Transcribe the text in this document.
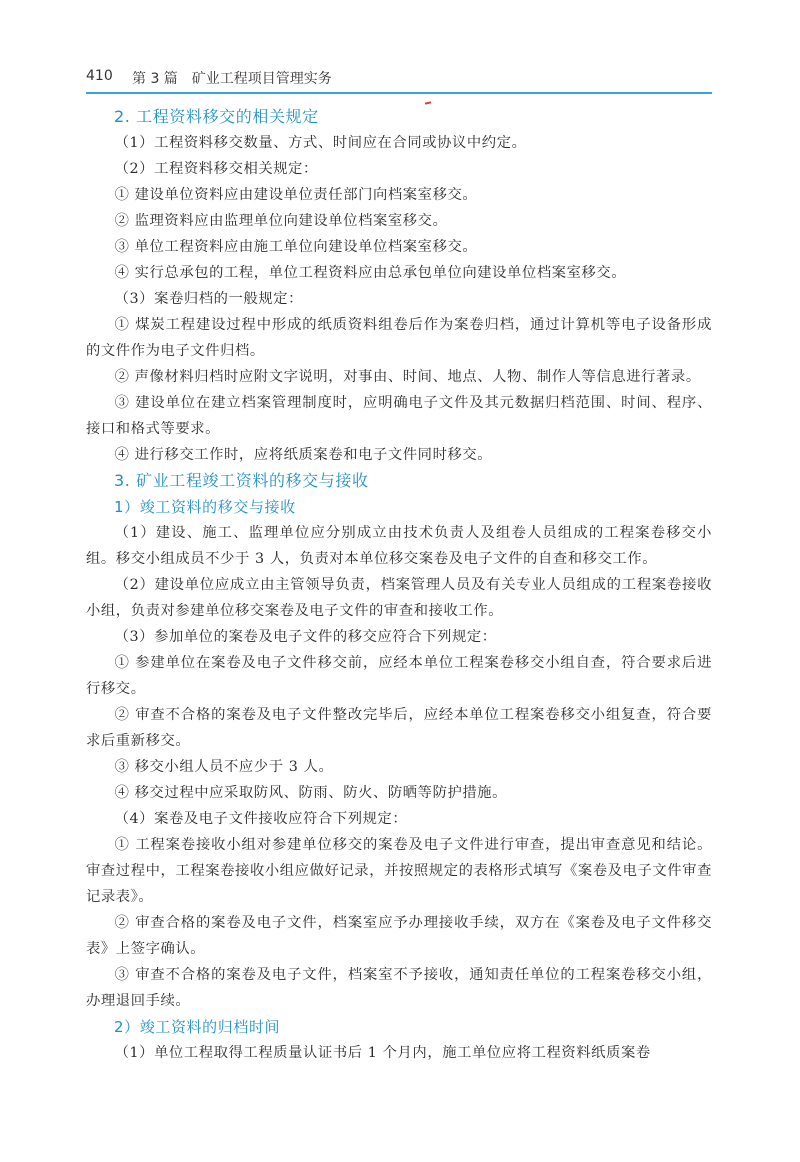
410 第 3 篇　矿业工程项目管理实务
2. 工程资料移交的相关规定

（1）工程资料移交数量、方式、时间应在合同或协议中约定。

（2）工程资料移交相关规定：

① 建设单位资料应由建设单位责任部门向档案室移交。

② 监理资料应由监理单位向建设单位档案室移交。

③ 单位工程资料应由施工单位向建设单位档案室移交。

④ 实行总承包的工程，单位工程资料应由总承包单位向建设单位档案室移交。

（3）案卷归档的一般规定：

① 煤炭工程建设过程中形成的纸质资料组卷后作为案卷归档，通过计算机等电子设备形成的文件作为电子文件归档。

② 声像材料归档时应附文字说明，对事由、时间、地点、人物、制作人等信息进行著录。

③ 建设单位在建立档案管理制度时，应明确电子文件及其元数据归档范围、时间、程序、接口和格式等要求。

④ 进行移交工作时，应将纸质案卷和电子文件同时移交。

3. 矿业工程竣工资料的移交与接收
1）竣工资料的移交与接收

（1）建设、施工、监理单位应分别成立由技术负责人及组卷人员组成的工程案卷移交小组。移交小组成员不少于 3 人，负责对本单位移交案卷及电子文件的自查和移交工作。

（2）建设单位应成立由主管领导负责，档案管理人员及有关专业人员组成的工程案卷接收小组，负责对参建单位移交案卷及电子文件的审查和接收工作。

（3）参加单位的案卷及电子文件的移交应符合下列规定：

① 参建单位在案卷及电子文件移交前，应经本单位工程案卷移交小组自查，符合要求后进行移交。

② 审查不合格的案卷及电子文件整改完毕后，应经本单位工程案卷移交小组复查，符合要求后重新移交。

③ 移交小组人员不应少于 3 人。

④ 移交过程中应采取防风、防雨、防火、防晒等防护措施。

（4）案卷及电子文件接收应符合下列规定：

① 工程案卷接收小组对参建单位移交的案卷及电子文件进行审查，提出审查意见和结论。审查过程中，工程案卷接收小组应做好记录，并按照规定的表格形式填写《案卷及电子文件审查记录表》。

② 审查合格的案卷及电子文件，档案室应予办理接收手续，双方在《案卷及电子文件移交表》上签字确认。

③ 审查不合格的案卷及电子文件，档案室不予接收，通知责任单位的工程案卷移交小组，办理退回手续。

2）竣工资料的归档时间

（1）单位工程取得工程质量认证书后 1 个月内，施工单位应将工程资料纸质案卷
